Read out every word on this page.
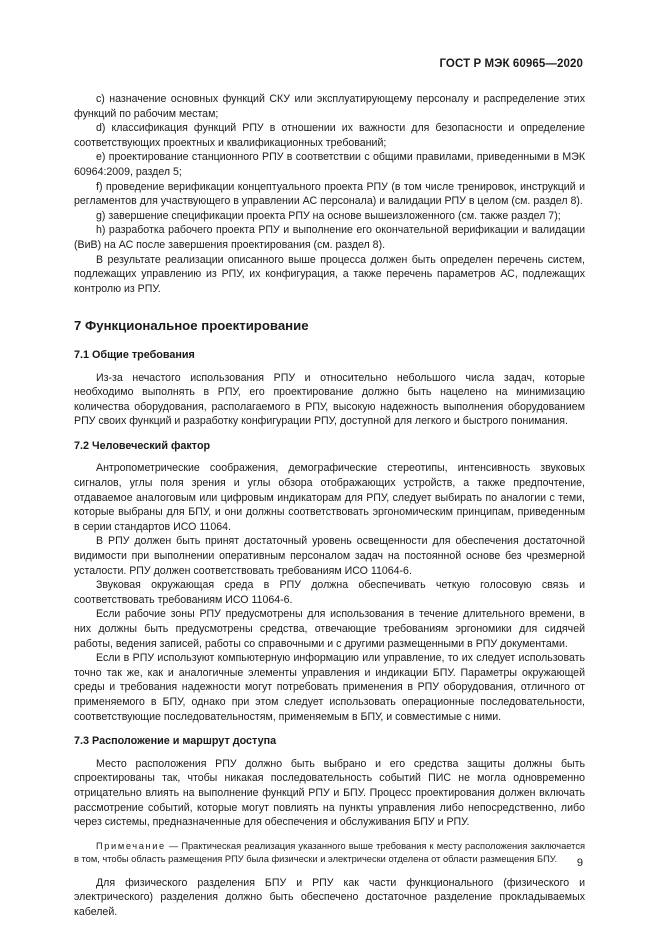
ГОСТ Р МЭК 60965—2020

с) назначение основных функций СКУ или эксплуатирующему персоналу и распределение этих функций по рабочим местам;

d) классификация функций РПУ в отношении их важности для безопасности и определение соответствующих проектных и квалификационных требований;

е) проектирование станционного РПУ в соответствии с общими правилами, приведенными в МЭК 60964:2009, раздел 5;

f) проведение верификации концептуального проекта РПУ (в том числе тренировок, инструкций и регламентов для участвующего в управлении АС персонала) и валидации РПУ в целом (см. раздел 8).

g) завершение спецификации проекта РПУ на основе вышеизложенного (см. также раздел 7);

h) разработка рабочего проекта РПУ и выполнение его окончательной верификации и валидации (ВиВ) на АС после завершения проектирования (см. раздел 8).

В результате реализации описанного выше процесса должен быть определен перечень систем, подлежащих управлению из РПУ, их конфигурация, а также перечень параметров АС, подлежащих контролю из РПУ.

7 Функциональное проектирование
7.1 Общие требования

Из-за нечастого использования РПУ и относительно небольшого числа задач, которые необходимо выполнять в РПУ, его проектирование должно быть нацелено на минимизацию количества оборудования, располагаемого в РПУ, высокую надежность выполнения оборудованием РПУ своих функций и разработку конфигурации РПУ, доступной для легкого и быстрого понимания.

7.2 Человеческий фактор

Антропометрические соображения, демографические стереотипы, интенсивность звуковых сигналов, углы поля зрения и углы обзора отображающих устройств, а также предпочтение, отдаваемое аналоговым или цифровым индикаторам для РПУ, следует выбирать по аналогии с теми, которые выбраны для БПУ, и они должны соответствовать эргономическим принципам, приведенным в серии стандартов ИСО 11064.

В РПУ должен быть принят достаточный уровень освещенности для обеспечения достаточной видимости при выполнении оперативным персоналом задач на постоянной основе без чрезмерной усталости. РПУ должен соответствовать требованиям ИСО 11064-6.

Звуковая окружающая среда в РПУ должна обеспечивать четкую голосовую связь и соответствовать требованиям ИСО 11064-6.

Если рабочие зоны РПУ предусмотрены для использования в течение длительного времени, в них должны быть предусмотрены средства, отвечающие требованиям эргономики для сидячей работы, ведения записей, работы со справочными и с другими размещенными в РПУ документами.

Если в РПУ используют компьютерную информацию или управление, то их следует использовать точно так же, как и аналогичные элементы управления и индикации БПУ. Параметры окружающей среды и требования надежности могут потребовать применения в РПУ оборудования, отличного от применяемого в БПУ, однако при этом следует использовать операционные последовательности, соответствующие последовательностям, применяемым в БПУ, и совместимые с ними.

7.3 Расположение и маршрут доступа

Место расположения РПУ должно быть выбрано и его средства защиты должны быть спроектированы так, чтобы никакая последовательность событий ПИС не могла одновременно отрицательно влиять на выполнение функций РПУ и БПУ. Процесс проектирования должен включать рассмотрение событий, которые могут повлиять на пункты управления либо непосредственно, либо через системы, предназначенные для обеспечения и обслуживания БПУ и РПУ.

Примечание — Практическая реализация указанного выше требования к месту расположения заключается в том, чтобы область размещения РПУ была физически и электрически отделена от области размещения БПУ.

Для физического разделения БПУ и РПУ как части функционального (физического и электрического) разделения должно быть обеспечено достаточное разделение прокладываемых кабелей.

9
